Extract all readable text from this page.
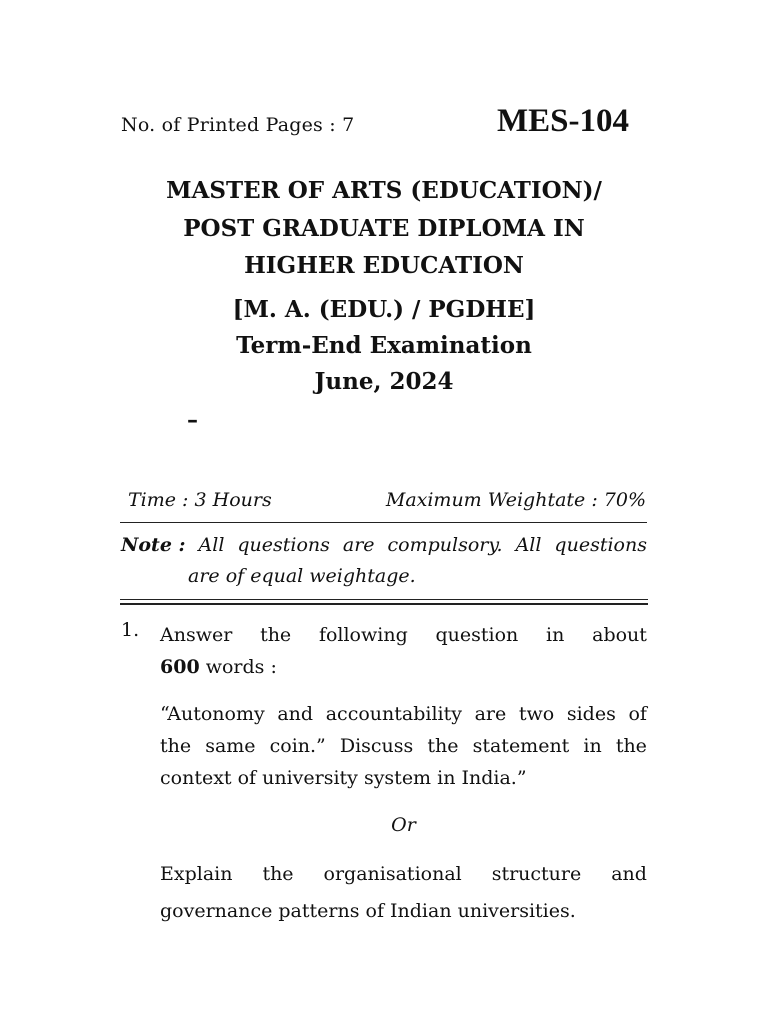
No. of Printed Pages : 7	MES-104
MASTER OF ARTS (EDUCATION)/
POST GRADUATE DIPLOMA IN
HIGHER EDUCATION
[M. A. (EDU.) / PGDHE]
Term-End Examination
June, 2024
–
Time : 3 Hours	Maximum Weightate : 70%
Note : All questions are compulsory. All questions
are of equal weightage.
1. Answer the following question in about
600 words :
“Autonomy and accountability are two sides of
the same coin.” Discuss the statement in the
context of university system in India.”
Or
Explain the organisational structure and
governance patterns of Indian universities.
